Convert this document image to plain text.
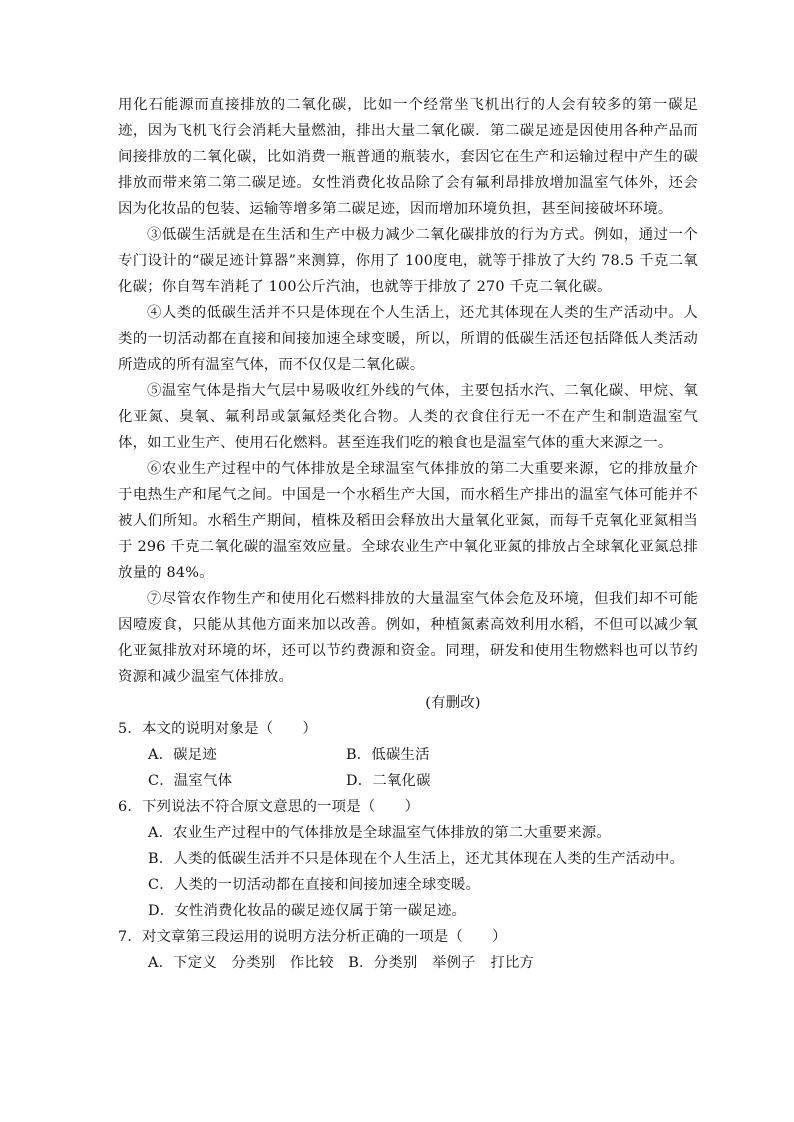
用化石能源而直接排放的二氧化碳，比如一个经常坐飞机出行的人会有较多的第一碳足迹，因为飞机飞行会消耗大量燃油，排出大量二氧化碳．第二碳足迹是因使用各种产品而间接排放的二氧化碳，比如消费一瓶普通的瓶装水，套因它在生产和运输过程中产生的碳排放而带来第二第二碳足迹。女性消费化妆品除了会有氟利昂排放增加温室气体外，还会因为化妆品的包装、运输等增多第二碳足迹，因而增加环境负担，甚至间接破坏环境。

③低碳生活就是在生活和生产中极力减少二氧化碳排放的行为方式。例如，通过一个专门设计的“碳足迹计算器”来测算，你用了 100度电，就等于排放了大约 78.5 千克二氧化碳；你自驾车消耗了 100公斤汽油，也就等于排放了 270 千克二氧化碳。

④人类的低碳生活并不只是体现在个人生活上，还尤其体现在人类的生产活动中。人类的一切活动都在直接和间接加速全球变暖，所以，所谓的低碳生活还包括降低人类活动所造成的所有温室气体，而不仅仅是二氧化碳。

⑤温室气体是指大气层中易吸收红外线的气体，主要包括水汽、二氧化碳、甲烷、氧化亚氮、臭氧、氟利昂或氯氟烃类化合物。人类的衣食住行无一不在产生和制造温室气体，如工业生产、使用石化燃料。甚至连我们吃的粮食也是温室气体的重大来源之一。

⑥农业生产过程中的气体排放是全球温室气体排放的第二大重要来源，它的排放量介于电热生产和尾气之间。中国是一个水稻生产大国，而水稻生产排出的温室气体可能并不被人们所知。水稻生产期间，植株及稻田会释放出大量氧化亚氮，而每千克氧化亚氮相当于 296 千克二氧化碳的温室效应量。全球农业生产中氧化亚氮的排放占全球氧化亚氮总排放量的 84%。

⑦尽管农作物生产和使用化石燃料排放的大量温室气体会危及环境，但我们却不可能因噎废食，只能从其他方面来加以改善。例如，种植氮素高效利用水稻，不但可以减少氧化亚氮排放对环境的坏，还可以节约费源和资金。同理，研发和使用生物燃料也可以节约资源和减少温室气体排放。

(有删改)

5．本文的说明对象是（　　）

A．碳足迹	B．低碳生活
C．温室气体	D．二氧化碳

6．下列说法不符合原文意思的一项是（　　）

A．农业生产过程中的气体排放是全球温室气体排放的第二大重要来源。
B．人类的低碳生活并不只是体现在个人生活上，还尤其体现在人类的生产活动中。
C．人类的一切活动都在直接和间接加速全球变暖。
D．女性消费化妆品的碳足迹仅属于第一碳足迹。

7．对文章第三段运用的说明方法分析正确的一项是（　　）

A．下定义　分类别　作比较　B．分类别　举例子　打比方
